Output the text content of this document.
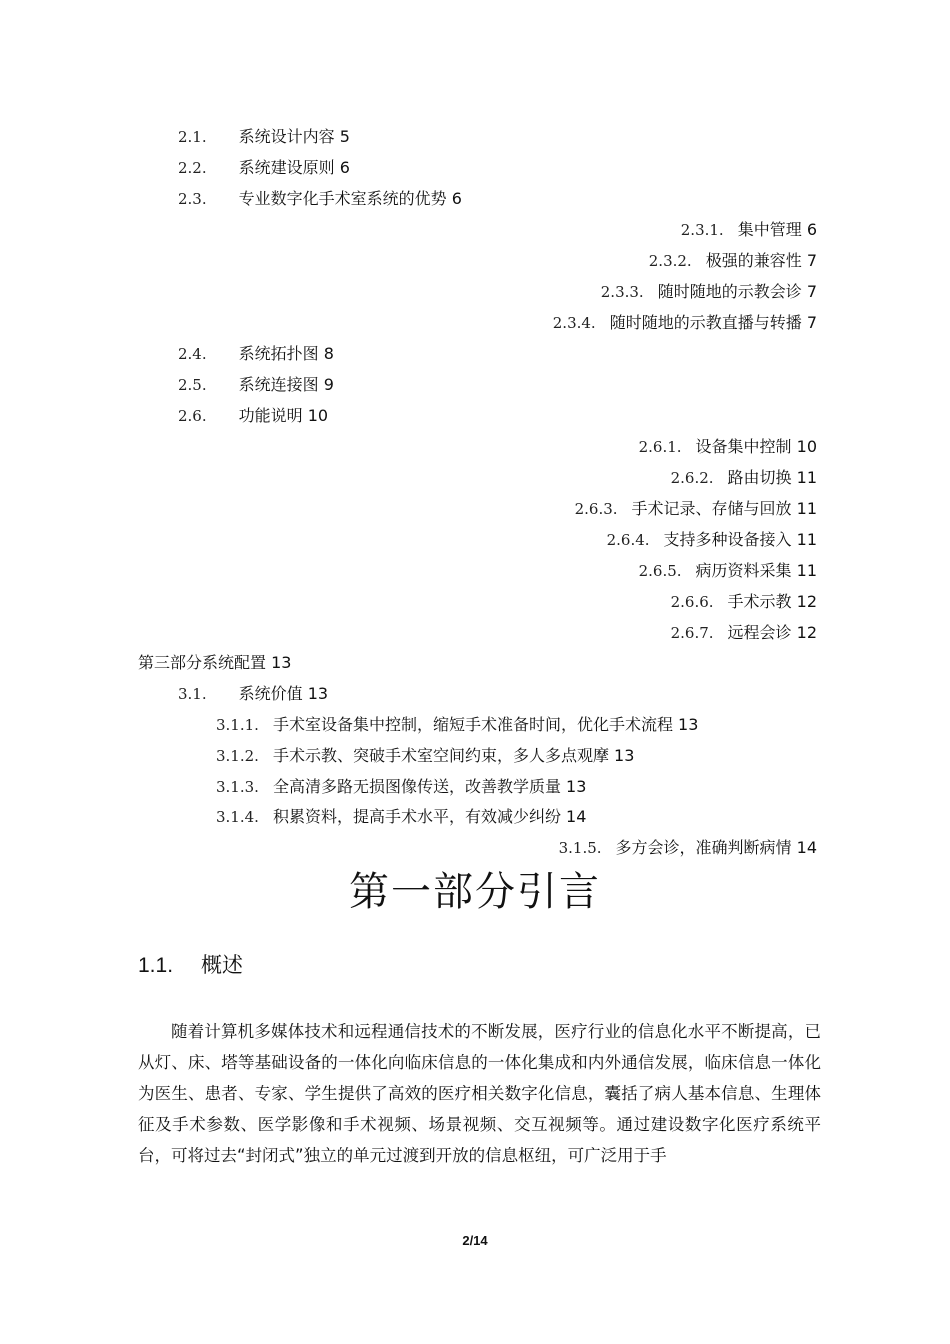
2.1. 系统设计内容 5
2.2. 系统建设原则 6
2.3. 专业数字化手术室系统的优势 6
2.3.1. 集中管理 6
2.3.2. 极强的兼容性 7
2.3.3. 随时随地的示教会诊 7
2.3.4. 随时随地的示教直播与转播 7
2.4. 系统拓扑图 8
2.5. 系统连接图 9
2.6. 功能说明 10
2.6.1. 设备集中控制 10
2.6.2. 路由切换 11
2.6.3. 手术记录、存储与回放 11
2.6.4. 支持多种设备接入 11
2.6.5. 病历资料采集 11
2.6.6. 手术示教 12
2.6.7. 远程会诊 12
第三部分系统配置 13
3.1. 系统价值 13
3.1.1. 手术室设备集中控制，缩短手术准备时间，优化手术流程 13
3.1.2. 手术示教、突破手术室空间约束，多人多点观摩 13
3.1.3. 全高清多路无损图像传送，改善教学质量 13
3.1.4. 积累资料，提高手术水平，有效减少纠纷 14
3.1.5. 多方会诊，准确判断病情 14
第一部分引言
1.1. 概述
随着计算机多媒体技术和远程通信技术的不断发展，医疗行业的信息化水平不断提高，已从灯、床、塔等基础设备的一体化向临床信息的一体化集成和内外通信发展，临床信息一体化为医生、患者、专家、学生提供了高效的医疗相关数字化信息，囊括了病人基本信息、生理体征及手术参数、医学影像和手术视频、场景视频、交互视频等。通过建设数字化医疗系统平台，可将过去“封闭式”独立的单元过渡到开放的信息枢纽，可广泛用于手
2/14
